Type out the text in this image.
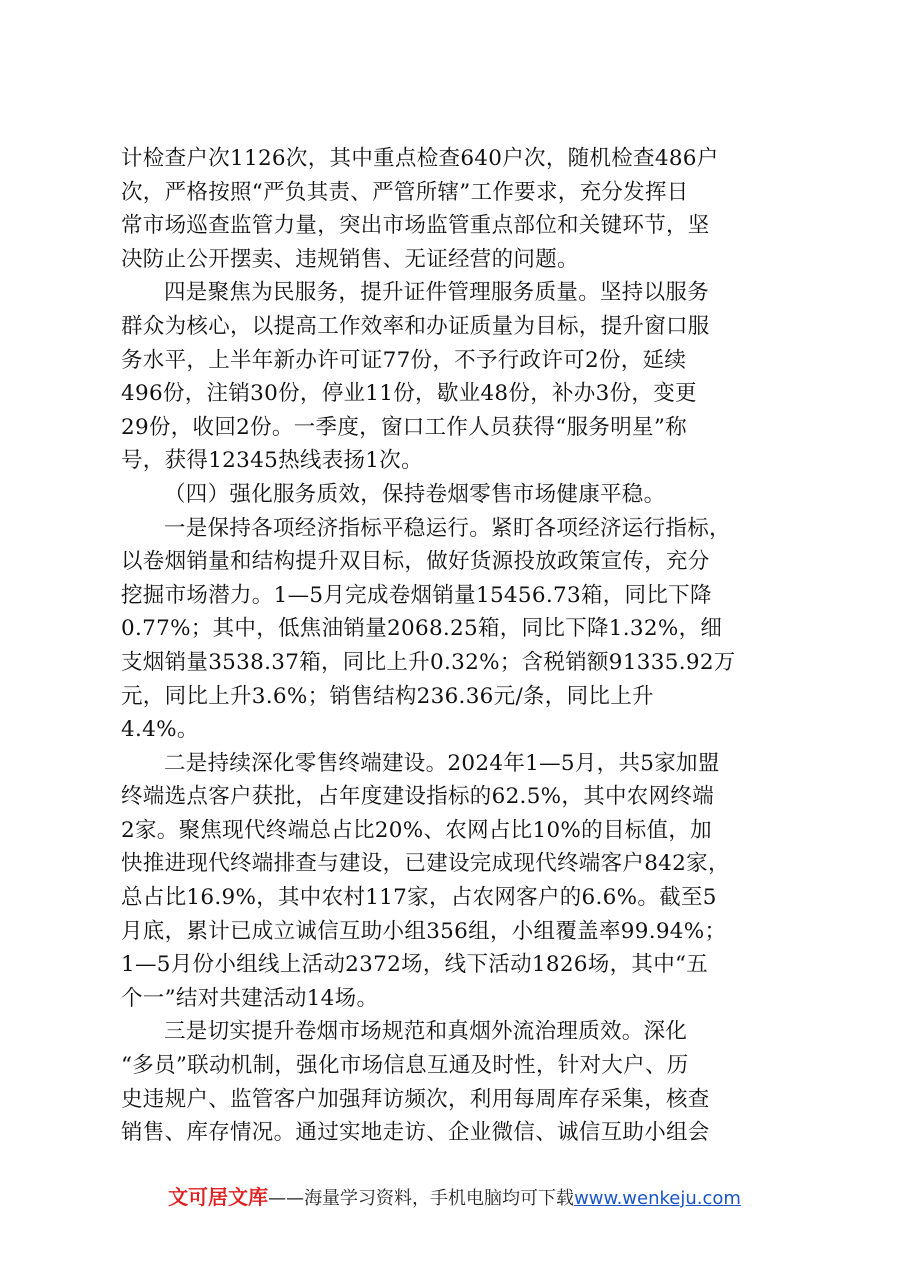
计检查户次1126次，其中重点检查640户次，随机检查486户
次，严格按照“严负其责、严管所辖”工作要求，充分发挥日
常市场巡查监管力量，突出市场监管重点部位和关键环节，坚
决防止公开摆卖、违规销售、无证经营的问题。
四是聚焦为民服务，提升证件管理服务质量。坚持以服务
群众为核心，以提高工作效率和办证质量为目标，提升窗口服
务水平，上半年新办许可证77份，不予行政许可2份，延续
496份，注销30份，停业11份，歇业48份，补办3份，变更
29份，收回2份。一季度，窗口工作人员获得“服务明星”称
号，获得12345热线表扬1次。
（四）强化服务质效，保持卷烟零售市场健康平稳。
一是保持各项经济指标平稳运行。紧盯各项经济运行指标，
以卷烟销量和结构提升双目标，做好货源投放政策宣传，充分
挖掘市场潜力。1—5月完成卷烟销量15456.73箱，同比下降
0.77%；其中，低焦油销量2068.25箱，同比下降1.32%，细
支烟销量3538.37箱，同比上升0.32%；含税销额91335.92万
元，同比上升3.6%；销售结构236.36元/条，同比上升
4.4%。
二是持续深化零售终端建设。2024年1—5月，共5家加盟
终端选点客户获批，占年度建设指标的62.5%，其中农网终端
2家。聚焦现代终端总占比20%、农网占比10%的目标值，加
快推进现代终端排查与建设，已建设完成现代终端客户842家，
总占比16.9%，其中农村117家，占农网客户的6.6%。截至5
月底，累计已成立诚信互助小组356组，小组覆盖率99.94%；
1—5月份小组线上活动2372场，线下活动1826场，其中“五
个一”结对共建活动14场。
三是切实提升卷烟市场规范和真烟外流治理质效。深化
“多员”联动机制，强化市场信息互通及时性，针对大户、历
史违规户、监管客户加强拜访频次，利用每周库存采集，核查
销售、库存情况。通过实地走访、企业微信、诚信互助小组会
文可居文库——海量学习资料，手机电脑均可下载www.wenkeju.com
